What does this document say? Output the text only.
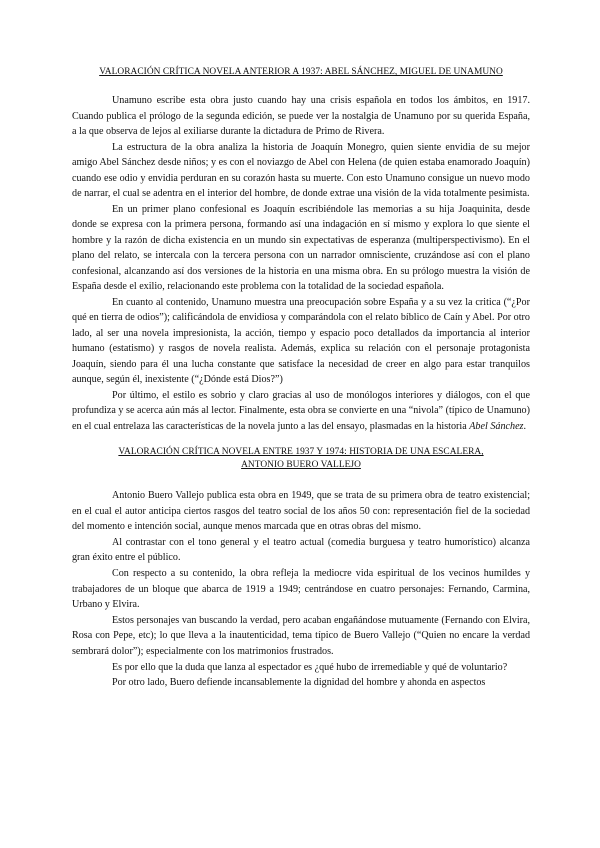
VALORACIÓN CRÍTICA NOVELA ANTERIOR A 1937: ABEL SÁNCHEZ, MIGUEL DE UNAMUNO

Unamuno escribe esta obra justo cuando hay una crisis española en todos los ámbitos, en 1917. Cuando publica el prólogo de la segunda edición, se puede ver la nostalgia de Unamuno por su querida España, a la que observa de lejos al exiliarse durante la dictadura de Primo de Rivera.

La estructura de la obra analiza la historia de Joaquín Monegro, quien siente envidia de su mejor amigo Abel Sánchez desde niños; y es con el noviazgo de Abel con Helena (de quien estaba enamorado Joaquín) cuando ese odio y envidia perduran en su corazón hasta su muerte. Con esto Unamuno consigue un nuevo modo de narrar, el cual se adentra en el interior del hombre, de donde extrae una visión de la vida totalmente pesimista.

En un primer plano confesional es Joaquín escribiéndole las memorias a su hija Joaquinita, desde donde se expresa con la primera persona, formando así una indagación en sí mismo y explora lo que siente el hombre y la razón de dicha existencia en un mundo sin expectativas de esperanza (multiperspectivismo). En el plano del relato, se intercala con la tercera persona con un narrador omnisciente, cruzándose así con el plano confesional, alcanzando así dos versiones de la historia en una misma obra. En su prólogo muestra la visión de España desde el exilio, relacionando este problema con la totalidad de la sociedad española.

En cuanto al contenido, Unamuno muestra una preocupación sobre España y a su vez la critica (“¿Por qué en tierra de odios”); calificándola de envidiosa y comparándola con el relato bíblico de Caín y Abel. Por otro lado, al ser una novela impresionista, la acción, tiempo y espacio poco detallados da importancia al interior humano (estatismo) y rasgos de novela realista. Además, explica su relación con el personaje protagonista Joaquín, siendo para él una lucha constante que satisface la necesidad de creer en algo para estar tranquilos aunque, según él, inexistente (“¿Dónde está Dios?”)

Por último, el estilo es sobrio y claro gracias al uso de monólogos interiores y diálogos, con el que profundiza y se acerca aún más al lector. Finalmente, esta obra se convierte en una “nivola” (típico de Unamuno) en el cual entrelaza las características de la novela junto a las del ensayo, plasmadas en la historia Abel Sánchez.

VALORACIÓN CRÍTICA NOVELA ENTRE 1937 Y 1974: HISTORIA DE UNA ESCALERA,
ANTONIO BUERO VALLEJO

Antonio Buero Vallejo publica esta obra en 1949, que se trata de su primera obra de teatro existencial; en el cual el autor anticipa ciertos rasgos del teatro social de los años 50 con: representación fiel de la sociedad del momento e intención social, aunque menos marcada que en otras obras del mismo.

Al contrastar con el tono general y el teatro actual (comedia burguesa y teatro humorístico) alcanza gran éxito entre el público.

Con respecto a su contenido, la obra refleja la mediocre vida espiritual de los vecinos humildes y trabajadores de un bloque que abarca de 1919 a 1949; centrándose en cuatro personajes: Fernando, Carmina, Urbano y Elvira.

Estos personajes van buscando la verdad, pero acaban engañándose mutuamente (Fernando con Elvira, Rosa con Pepe, etc); lo que lleva a la inautenticidad, tema típico de Buero Vallejo (“Quien no encare la verdad sembrará dolor”); especialmente con los matrimonios frustrados.

Es por ello que la duda que lanza al espectador es ¿qué hubo de irremediable y qué de voluntario?

Por otro lado, Buero defiende incansablemente la dignidad del hombre y ahonda en aspectos
